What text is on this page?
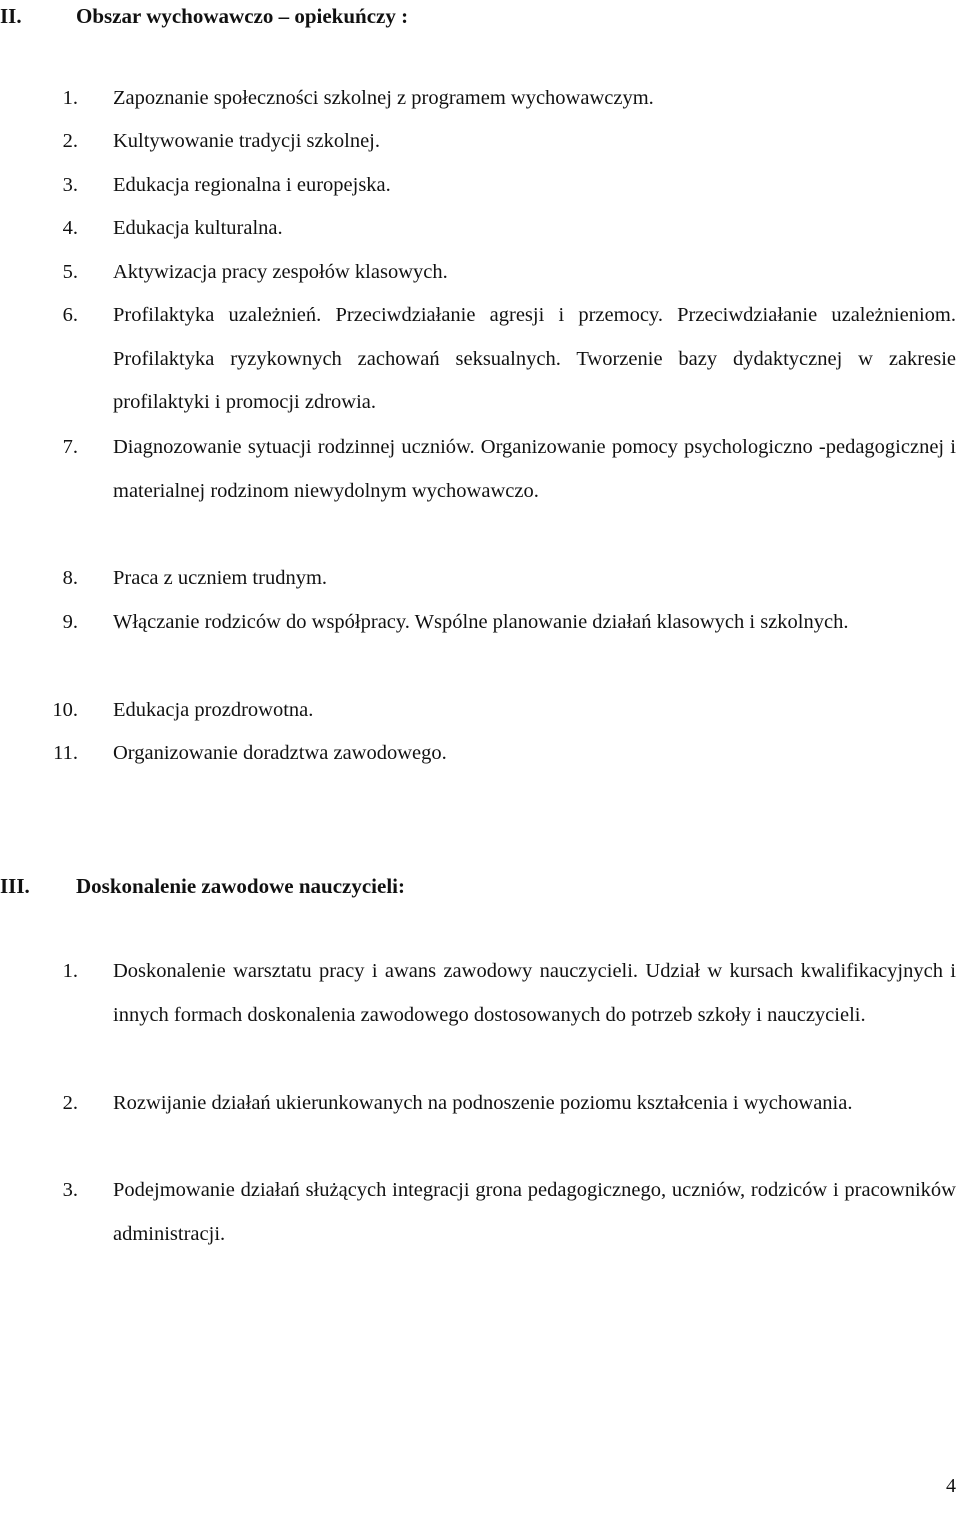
II.	Obszar wychowawczo – opiekuńczy :
1. Zapoznanie społeczności szkolnej z programem wychowawczym.
2. Kultywowanie tradycji szkolnej.
3. Edukacja regionalna i europejska.
4. Edukacja kulturalna.
5. Aktywizacja pracy zespołów klasowych.
6. Profilaktyka uzależnień. Przeciwdziałanie agresji i przemocy. Przeciwdziałanie uzależnieniom. Profilaktyka ryzykownych zachowań seksualnych. Tworzenie bazy dydaktycznej w zakresie profilaktyki i promocji zdrowia.
7. Diagnozowanie sytuacji rodzinnej uczniów. Organizowanie pomocy psychologiczno -pedagogicznej i materialnej rodzinom niewydolnym wychowawczo.
8. Praca z uczniem trudnym.
9. Włączanie rodziców do współpracy. Wspólne planowanie działań klasowych i szkolnych.
10. Edukacja prozdrowotna.
11. Organizowanie doradztwa zawodowego.
III. Doskonalenie zawodowe nauczycieli:
1. Doskonalenie warsztatu pracy i awans zawodowy nauczycieli. Udział w kursach kwalifikacyjnych i innych formach doskonalenia zawodowego dostosowanych do potrzeb szkoły i nauczycieli.
2. Rozwijanie działań ukierunkowanych na podnoszenie poziomu kształcenia i wychowania.
3. Podejmowanie działań służących integracji grona pedagogicznego, uczniów, rodziców i pracowników administracji.
4
